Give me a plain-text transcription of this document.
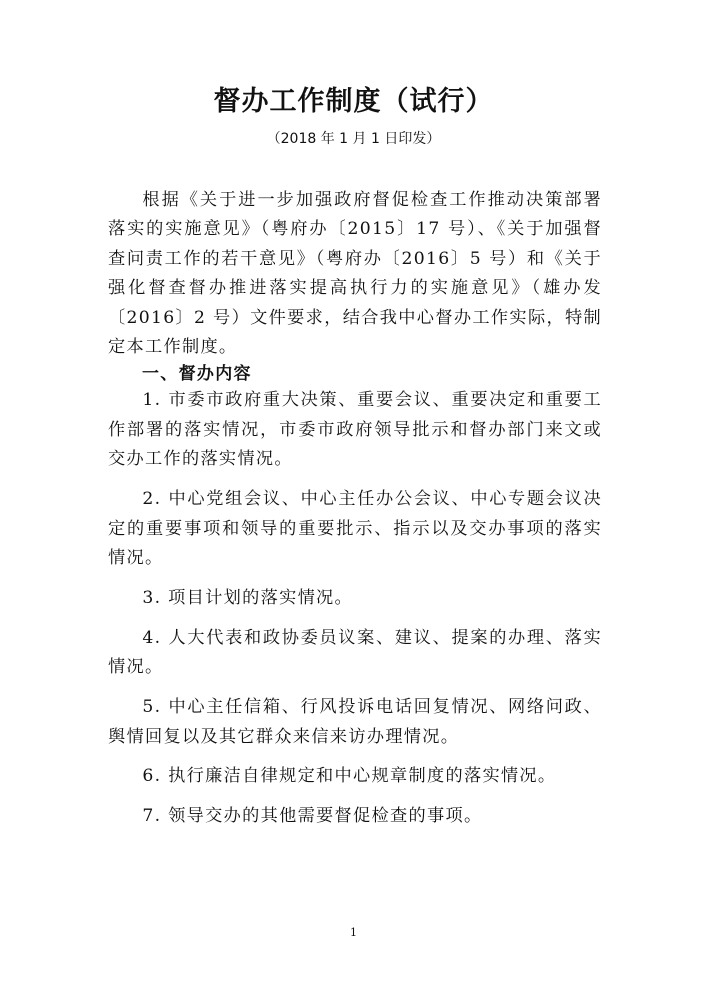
督办工作制度（试行）
（2018 年 1 月 1 日印发）

根据《关于进一步加强政府督促检查工作推动决策部署落实的实施意见》（粤府办〔2015〕17 号）、《关于加强督查问责工作的若干意见》（粤府办〔2016〕5 号）和《关于强化督查督办推进落实提高执行力的实施意见》（雄办发〔2016〕2 号）文件要求，结合我中心督办工作实际，特制定本工作制度。

一、督办内容

1. 市委市政府重大决策、重要会议、重要决定和重要工作部署的落实情况，市委市政府领导批示和督办部门来文或交办工作的落实情况。

2. 中心党组会议、中心主任办公会议、中心专题会议决定的重要事项和领导的重要批示、指示以及交办事项的落实情况。

3. 项目计划的落实情况。

4. 人大代表和政协委员议案、建议、提案的办理、落实情况。

5. 中心主任信箱、行风投诉电话回复情况、网络问政、舆情回复以及其它群众来信来访办理情况。

6. 执行廉洁自律规定和中心规章制度的落实情况。

7. 领导交办的其他需要督促检查的事项。

1
